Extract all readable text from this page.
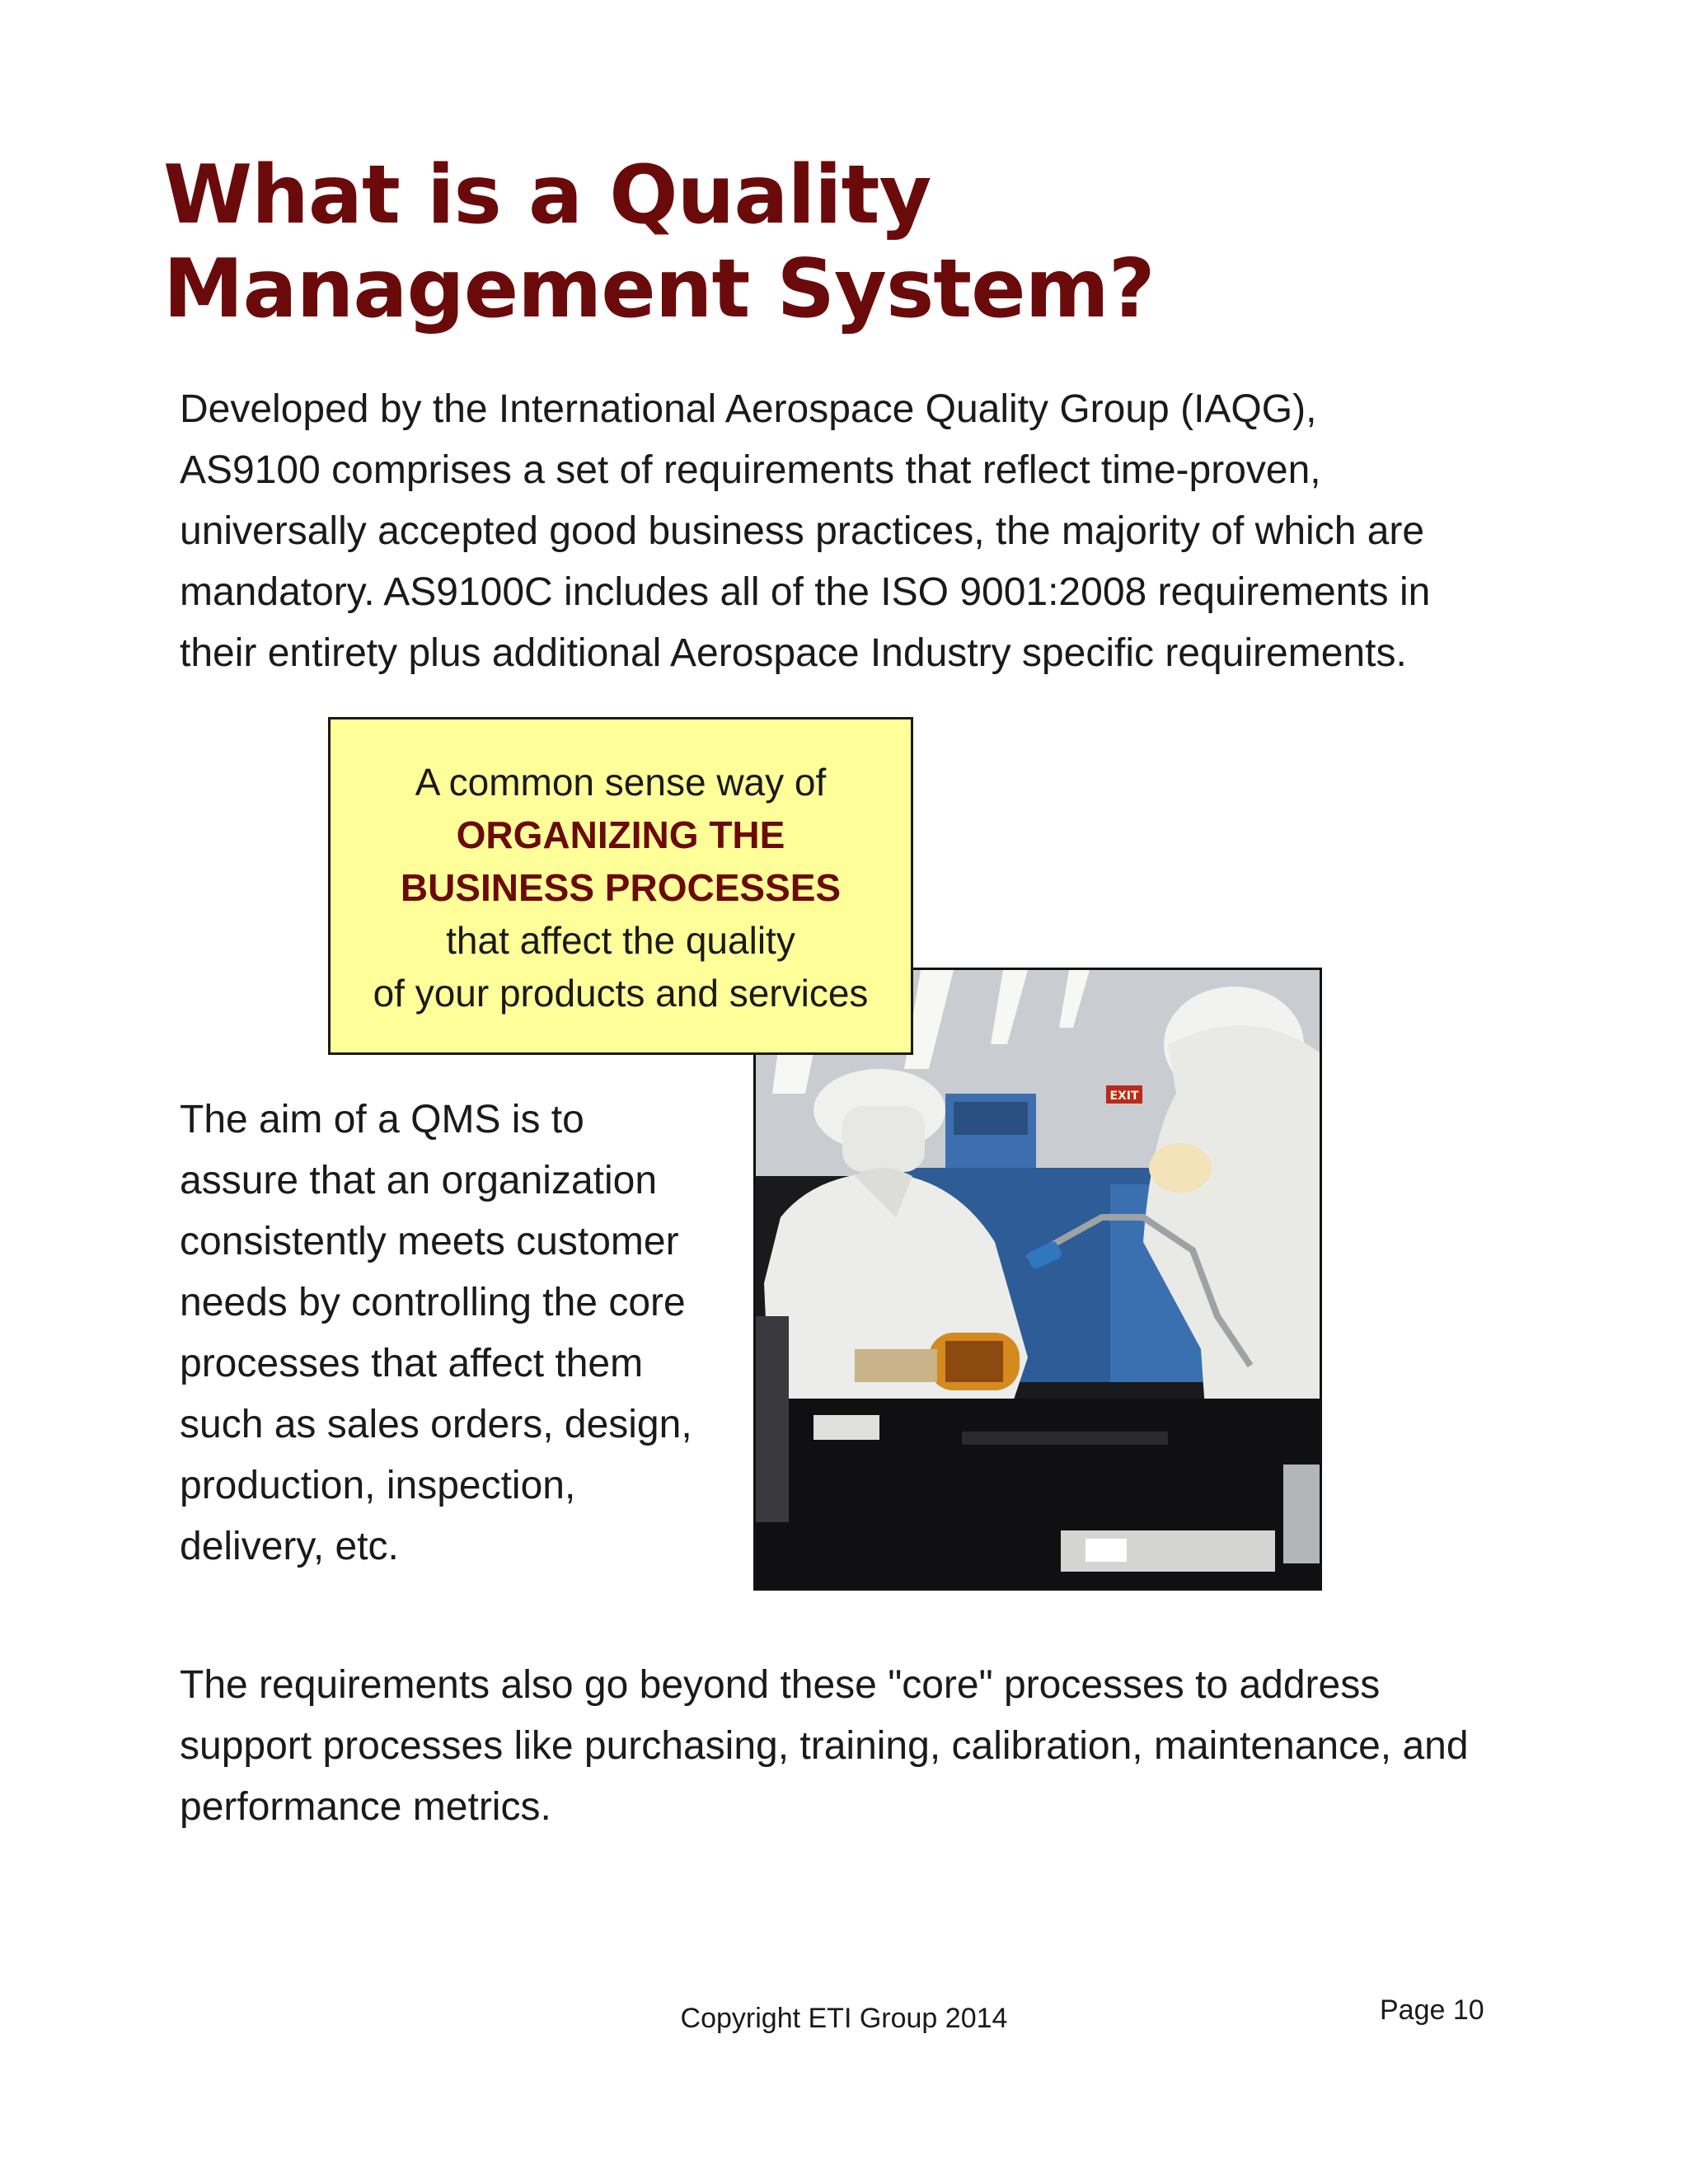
What is a Quality
Management System?

Developed by the International Aerospace Quality Group (IAQG),
AS9100 comprises a set of requirements that reflect time-proven,
universally accepted good business practices, the majority of which are
mandatory. AS9100C includes all of the ISO 9001:2008 requirements in
their entirety plus additional Aerospace Industry specific requirements.

A common sense way of
ORGANIZING THE
BUSINESS PROCESSES
that affect the quality
of your products and services
EXIT

The aim of a QMS is to
assure that an organization
consistently meets customer
needs by controlling the core
processes that affect them
such as sales orders, design,
production, inspection,
delivery, etc.

The requirements also go beyond these "core" processes to address
support processes like purchasing, training, calibration, maintenance, and
performance metrics.

Copyright ETI Group 2014	Page 10
